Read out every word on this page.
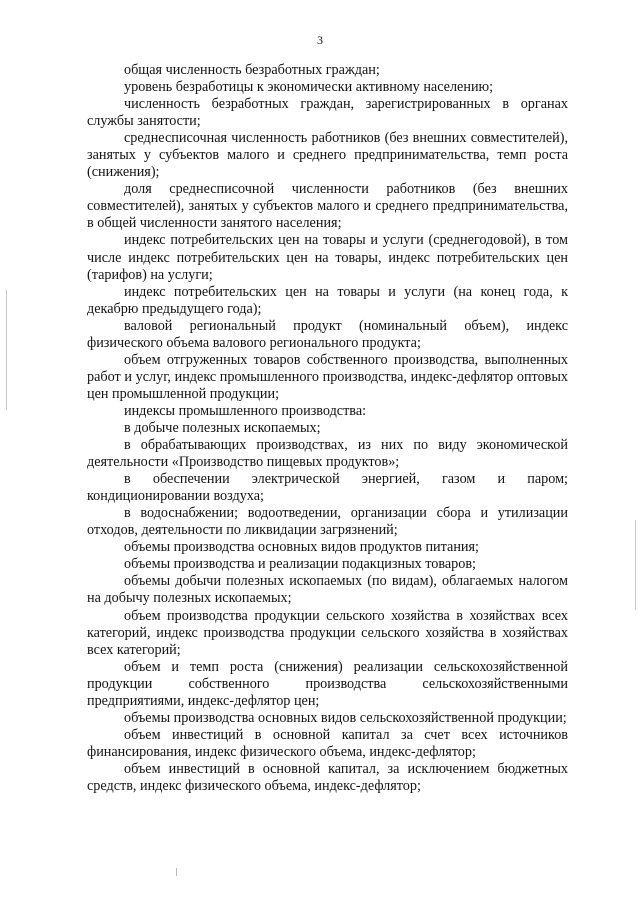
3

общая численность безработных граждан;

уровень безработицы к экономически активному населению;

численность безработных граждан, зарегистрированных в органах службы занятости;

среднесписочная численность работников (без внешних совместителей), занятых у субъектов малого и среднего предпринимательства, темп роста (снижения);

доля среднесписочной численности работников (без внешних совместителей), занятых у субъектов малого и среднего предпринимательства, в общей численности занятого населения;

индекс потребительских цен на товары и услуги (среднегодовой), в том числе индекс потребительских цен на товары, индекс потребительских цен (тарифов) на услуги;

индекс потребительских цен на товары и услуги (на конец года, к декабрю предыдущего года);

валовой региональный продукт (номинальный объем), индекс физического объема валового регионального продукта;

объем отгруженных товаров собственного производства, выполненных работ и услуг, индекс промышленного производства, индекс-дефлятор оптовых цен промышленной продукции;

индексы промышленного производства:

в добыче полезных ископаемых;

в обрабатывающих производствах, из них по виду экономической деятельности «Производство пищевых продуктов»;

в обеспечении электрической энергией, газом и паром; кондиционировании воздуха;

в водоснабжении; водоотведении, организации сбора и утилизации отходов, деятельности по ликвидации загрязнений;

объемы производства основных видов продуктов питания;

объемы производства и реализации подакцизных товаров;

объемы добычи полезных ископаемых (по видам), облагаемых налогом на добычу полезных ископаемых;

объем производства продукции сельского хозяйства в хозяйствах всех категорий, индекс производства продукции сельского хозяйства в хозяйствах всех категорий;

объем и темп роста (снижения) реализации сельскохозяйственной продукции собственного производства сельскохозяйственными предприятиями, индекс-дефлятор цен;

объемы производства основных видов сельскохозяйственной продукции;

объем инвестиций в основной капитал за счет всех источников финансирования, индекс физического объема, индекс-дефлятор;

объем инвестиций в основной капитал, за исключением бюджетных средств, индекс физического объема, индекс-дефлятор;
